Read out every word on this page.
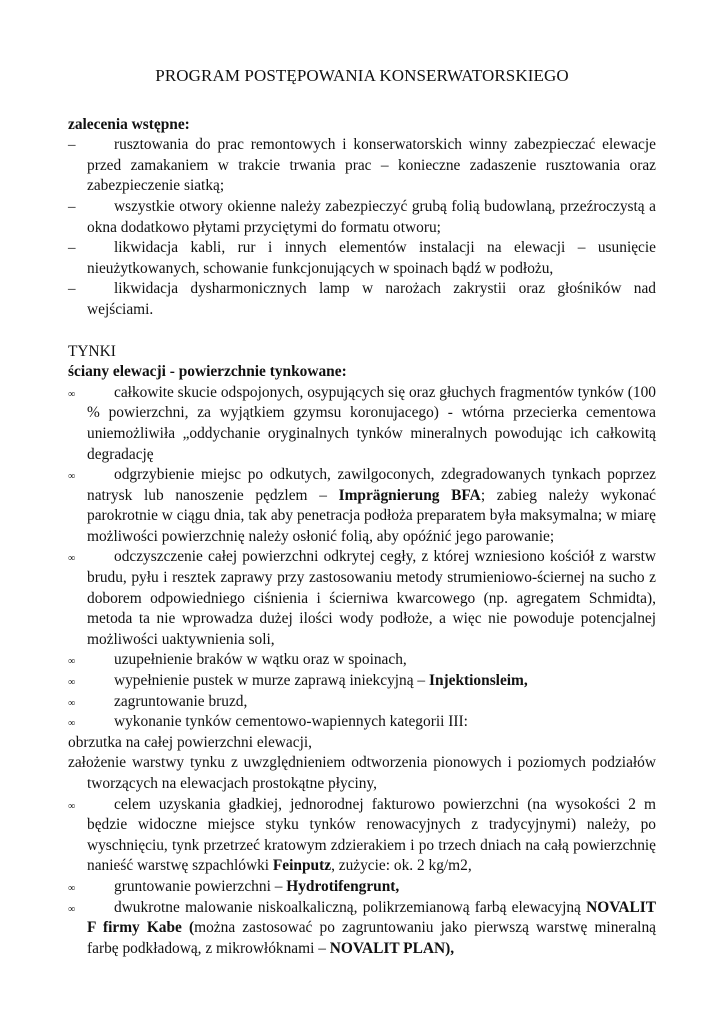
PROGRAM POSTĘPOWANIA KONSERWATORSKIEGO
zalecenia wstępne:
–	rusztowania do prac remontowych i konserwatorskich winny zabezpieczać elewacje przed zamakaniem w trakcie trwania prac – konieczne zadaszenie rusztowania oraz zabezpieczenie siatką;
–	wszystkie otwory okienne należy zabezpieczyć grubą folią budowlaną, przeźroczystą a okna dodatkowo płytami przyciętymi do formatu otworu;
–	likwidacja kabli, rur i innych elementów instalacji na elewacji – usunięcie nieużytkowanych, schowanie funkcjonujących w spoinach bądź w podłożu,
–	likwidacja dysharmonicznych lamp w narożach zakrystii oraz głośników nad wejściami.
TYNKI
ściany elewacji - powierzchnie tynkowane:
∞	całkowite skucie odspojonych, osypujących się oraz głuchych fragmentów tynków (100 % powierzchni, za wyjątkiem gzymsu koronujacego) - wtórna przecierka cementowa uniemożliwiła „oddychanie oryginalnych tynków mineralnych powodując ich całkowitą degradację
∞	odgrzybienie miejsc po odkutych, zawilgoconych, zdegradowanych tynkach poprzez natrysk lub nanoszenie pędzlem – Imprägnierung BFA; zabieg należy wykonać parokrotnie w ciągu dnia, tak aby penetracja podłoża preparatem była maksymalna; w miarę możliwości powierzchnię należy osłonić folią, aby opóźnić jego parowanie;
∞	odczyszczenie całej powierzchni odkrytej cegły, z której wzniesiono kościół z warstw brudu, pyłu i resztek zaprawy przy zastosowaniu metody strumieniowo-ściernej na sucho z doborem odpowiedniego ciśnienia i ścierniwa kwarcowego (np. agregatem Schmidta), metoda ta nie wprowadza dużej ilości wody podłoże, a więc nie powoduje potencjalnej możliwości uaktywnienia soli,
∞	uzupełnienie braków w wątku oraz w spoinach,
∞	wypełnienie pustek w murze zaprawą iniekcyjną – Injektionsleim,
∞	zagruntowanie bruzd,
∞	wykonanie tynków cementowo-wapiennych kategorii III:
obrzutka na całej powierzchni elewacji,
założenie warstwy tynku z uwzględnieniem odtworzenia pionowych i poziomych podziałów tworzących na elewacjach prostokątne płyciny,
∞	celem uzyskania gładkiej, jednorodnej fakturowo powierzchni (na wysokości 2 m będzie widoczne miejsce styku tynków renowacyjnych z tradycyjnymi) należy, po wyschnięciu, tynk przetrzeć kratowym zdzierakiem i po trzech dniach na całą powierzchnię nanieść warstwę szpachlówki Feinputz, zużycie: ok. 2 kg/m2,
∞	gruntowanie powierzchni – Hydrotifengrunt,
∞	dwukrotne malowanie niskoalkaliczną, polikrzemianową farbą elewacyjną NOVALIT F firmy Kabe (można zastosować po zagruntowaniu jako pierwszą warstwę mineralną farbę podkładową, z mikrowłóknami – NOVALIT PLAN),
